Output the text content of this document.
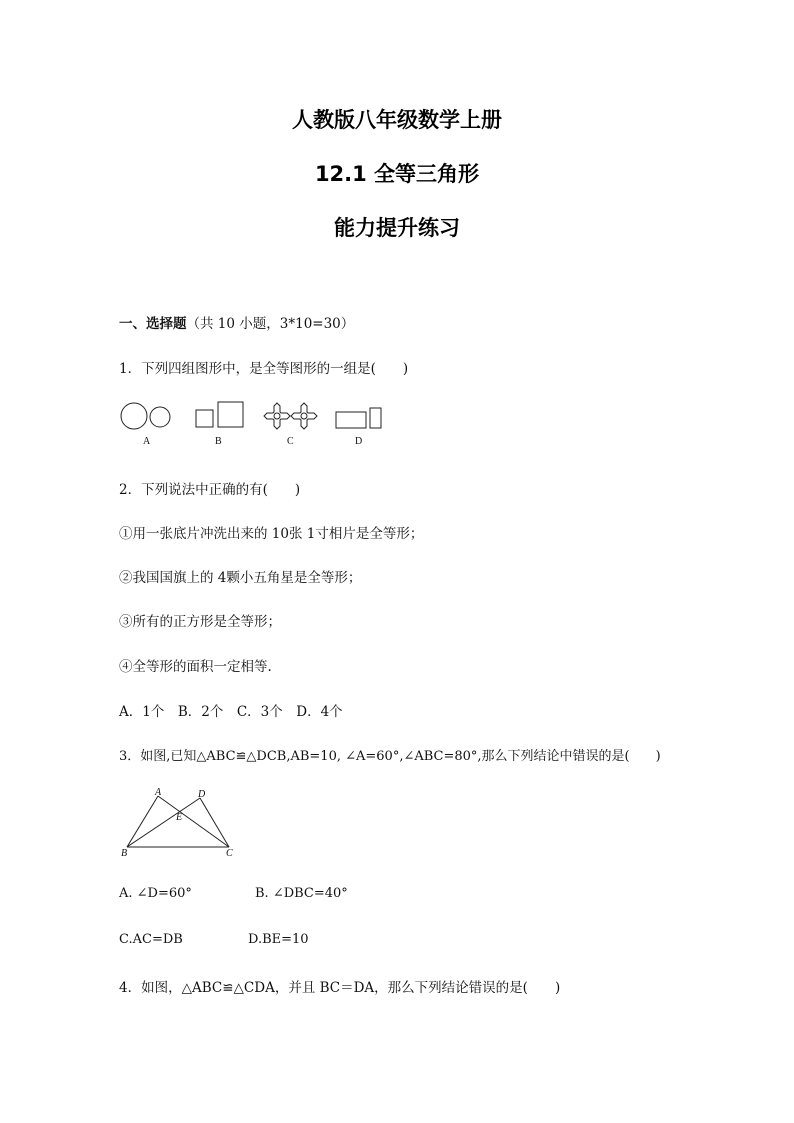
人教版八年级数学上册
12.1 全等三角形
能力提升练习
一、选择题（共 10 小题，3*10=30）
1．下列四组图形中，是全等图形的一组是(　　)
A	B	C	D
2．下列说法中正确的有(　　)
①用一张底片冲洗出来的 10张 1寸相片是全等形；
②我国国旗上的 4颗小五角星是全等形；
③所有的正方形是全等形；
④全等形的面积一定相等.
A．1个　B．2个　C．3个　D．4个
3．如图,已知△ABC≌△DCB,AB=10, ∠A=60°,∠ABC=80°,那么下列结论中错误的是(　　)
A	D
E
B	C
A. ∠D=60°	B. ∠DBC=40°
C.AC=DB	D.BE=10
4．如图，△ABC≌△CDA，并且 BC＝DA，那么下列结论错误的是(　　)
